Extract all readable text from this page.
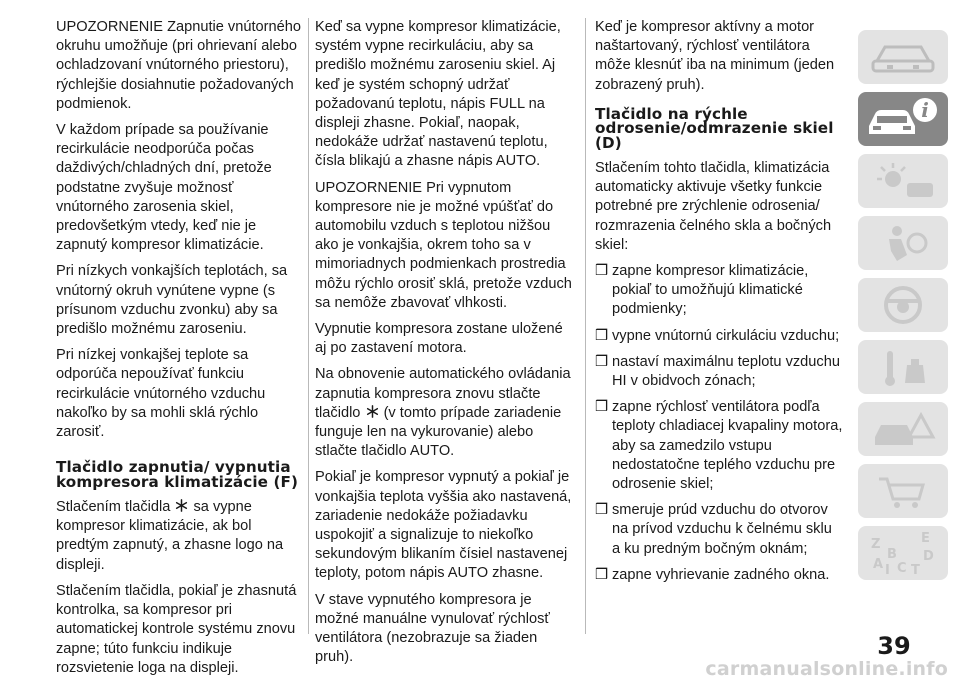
UPOZORNENIE Zapnutie vnútorného okruhu umožňuje (pri ohrievaní alebo ochladzovaní vnútorného priestoru), rýchlejšie dosiahnutie požadovaných podmienok.

V každom prípade sa používanie recirkulácie neodporúča počas daždivých/chladných dní, pretože podstatne zvyšuje možnosť vnútorného zarosenia skiel, predovšetkým vtedy, keď nie je zapnutý kompresor klimatizácie.

Pri nízkych vonkajších teplotách, sa vnútorný okruh vynútene vypne (s prísunom vzduchu zvonku) aby sa predišlo možnému zaroseniu.

Pri nízkej vonkajšej teplote sa odporúča nepoužívať funkciu recirkulácie vnútorného vzduchu nakoľko by sa mohli sklá rýchlo zarosiť.

Tlačidlo zapnutia/ vypnutia kompresora klimatizácie (F)

Stlačením tlačidla sa vypne kompresor klimatizácie, ak bol predtým zapnutý, a zhasne logo na displeji.

Stlačením tlačidla, pokiaľ je zhasnutá kontrolka, sa kompresor pri automatickej kontrole systému znovu zapne; túto funkciu indikuje rozsvietenie loga na displeji.

Keď sa vypne kompresor klimatizácie, systém vypne recirkuláciu, aby sa predišlo možnému zaroseniu skiel. Aj keď je systém schopný udržať požadovanú teplotu, nápis FULL na displeji zhasne. Pokiaľ, naopak, nedokáže udržať nastavenú teplotu, čísla blikajú a zhasne nápis AUTO.

UPOZORNENIE Pri vypnutom kompresore nie je možné vpúšťať do automobilu vzduch s teplotou nižšou ako je vonkajšia, okrem toho sa v mimoriadnych podmienkach prostredia môžu rýchlo orosiť sklá, pretože vzduch sa nemôže zbavovať vlhkosti.

Vypnutie kompresora zostane uložené aj po zastavení motora.

Na obnovenie automatického ovládania zapnutia kompresora znovu stlačte tlačidlo (v tomto prípade zariadenie funguje len na vykurovanie) alebo stlačte tlačidlo AUTO.

Pokiaľ je kompresor vypnutý a pokiaľ je vonkajšia teplota vyššia ako nastavená, zariadenie nedokáže požiadavku uspokojiť a signalizuje to niekoľko sekundovým blikaním čísiel nastavenej teploty, potom nápis AUTO zhasne.

V stave vypnutého kompresora je možné manuálne vynulovať rýchlosť ventilátora (nezobrazuje sa žiaden pruh).

Keď je kompresor aktívny a motor naštartovaný, rýchlosť ventilátora môže klesnúť iba na minimum (jeden zobrazený pruh).

Tlačidlo na rýchle odrosenie/odmrazenie skiel (D)

Stlačením tohto tlačidla, klimatizácia automaticky aktivuje všetky funkcie potrebné pre zrýchlenie odrosenia/ rozmrazenia čelného skla a bočných skiel:

❒ zapne kompresor klimatizácie, pokiaľ to umožňujú klimatické podmienky;
❒ vypne vnútornú cirkuláciu vzduchu;
❒ nastaví maximálnu teplotu vzduchu HI v obidvoch zónach;
❒ zapne rýchlosť ventilátora podľa teploty chladiacej kvapaliny motora, aby sa zamedzilo vstupu nedostatočne teplého vzduchu pre odrosenie skiel;
❒ smeruje prúd vzduchu do otvorov na prívod vzduchu k čelnému sklu a ku predným bočným oknám;
❒ zapne vyhrievanie zadného okna.
i
Z	E
B D
I C T
A
39
carmanualsonline.info
